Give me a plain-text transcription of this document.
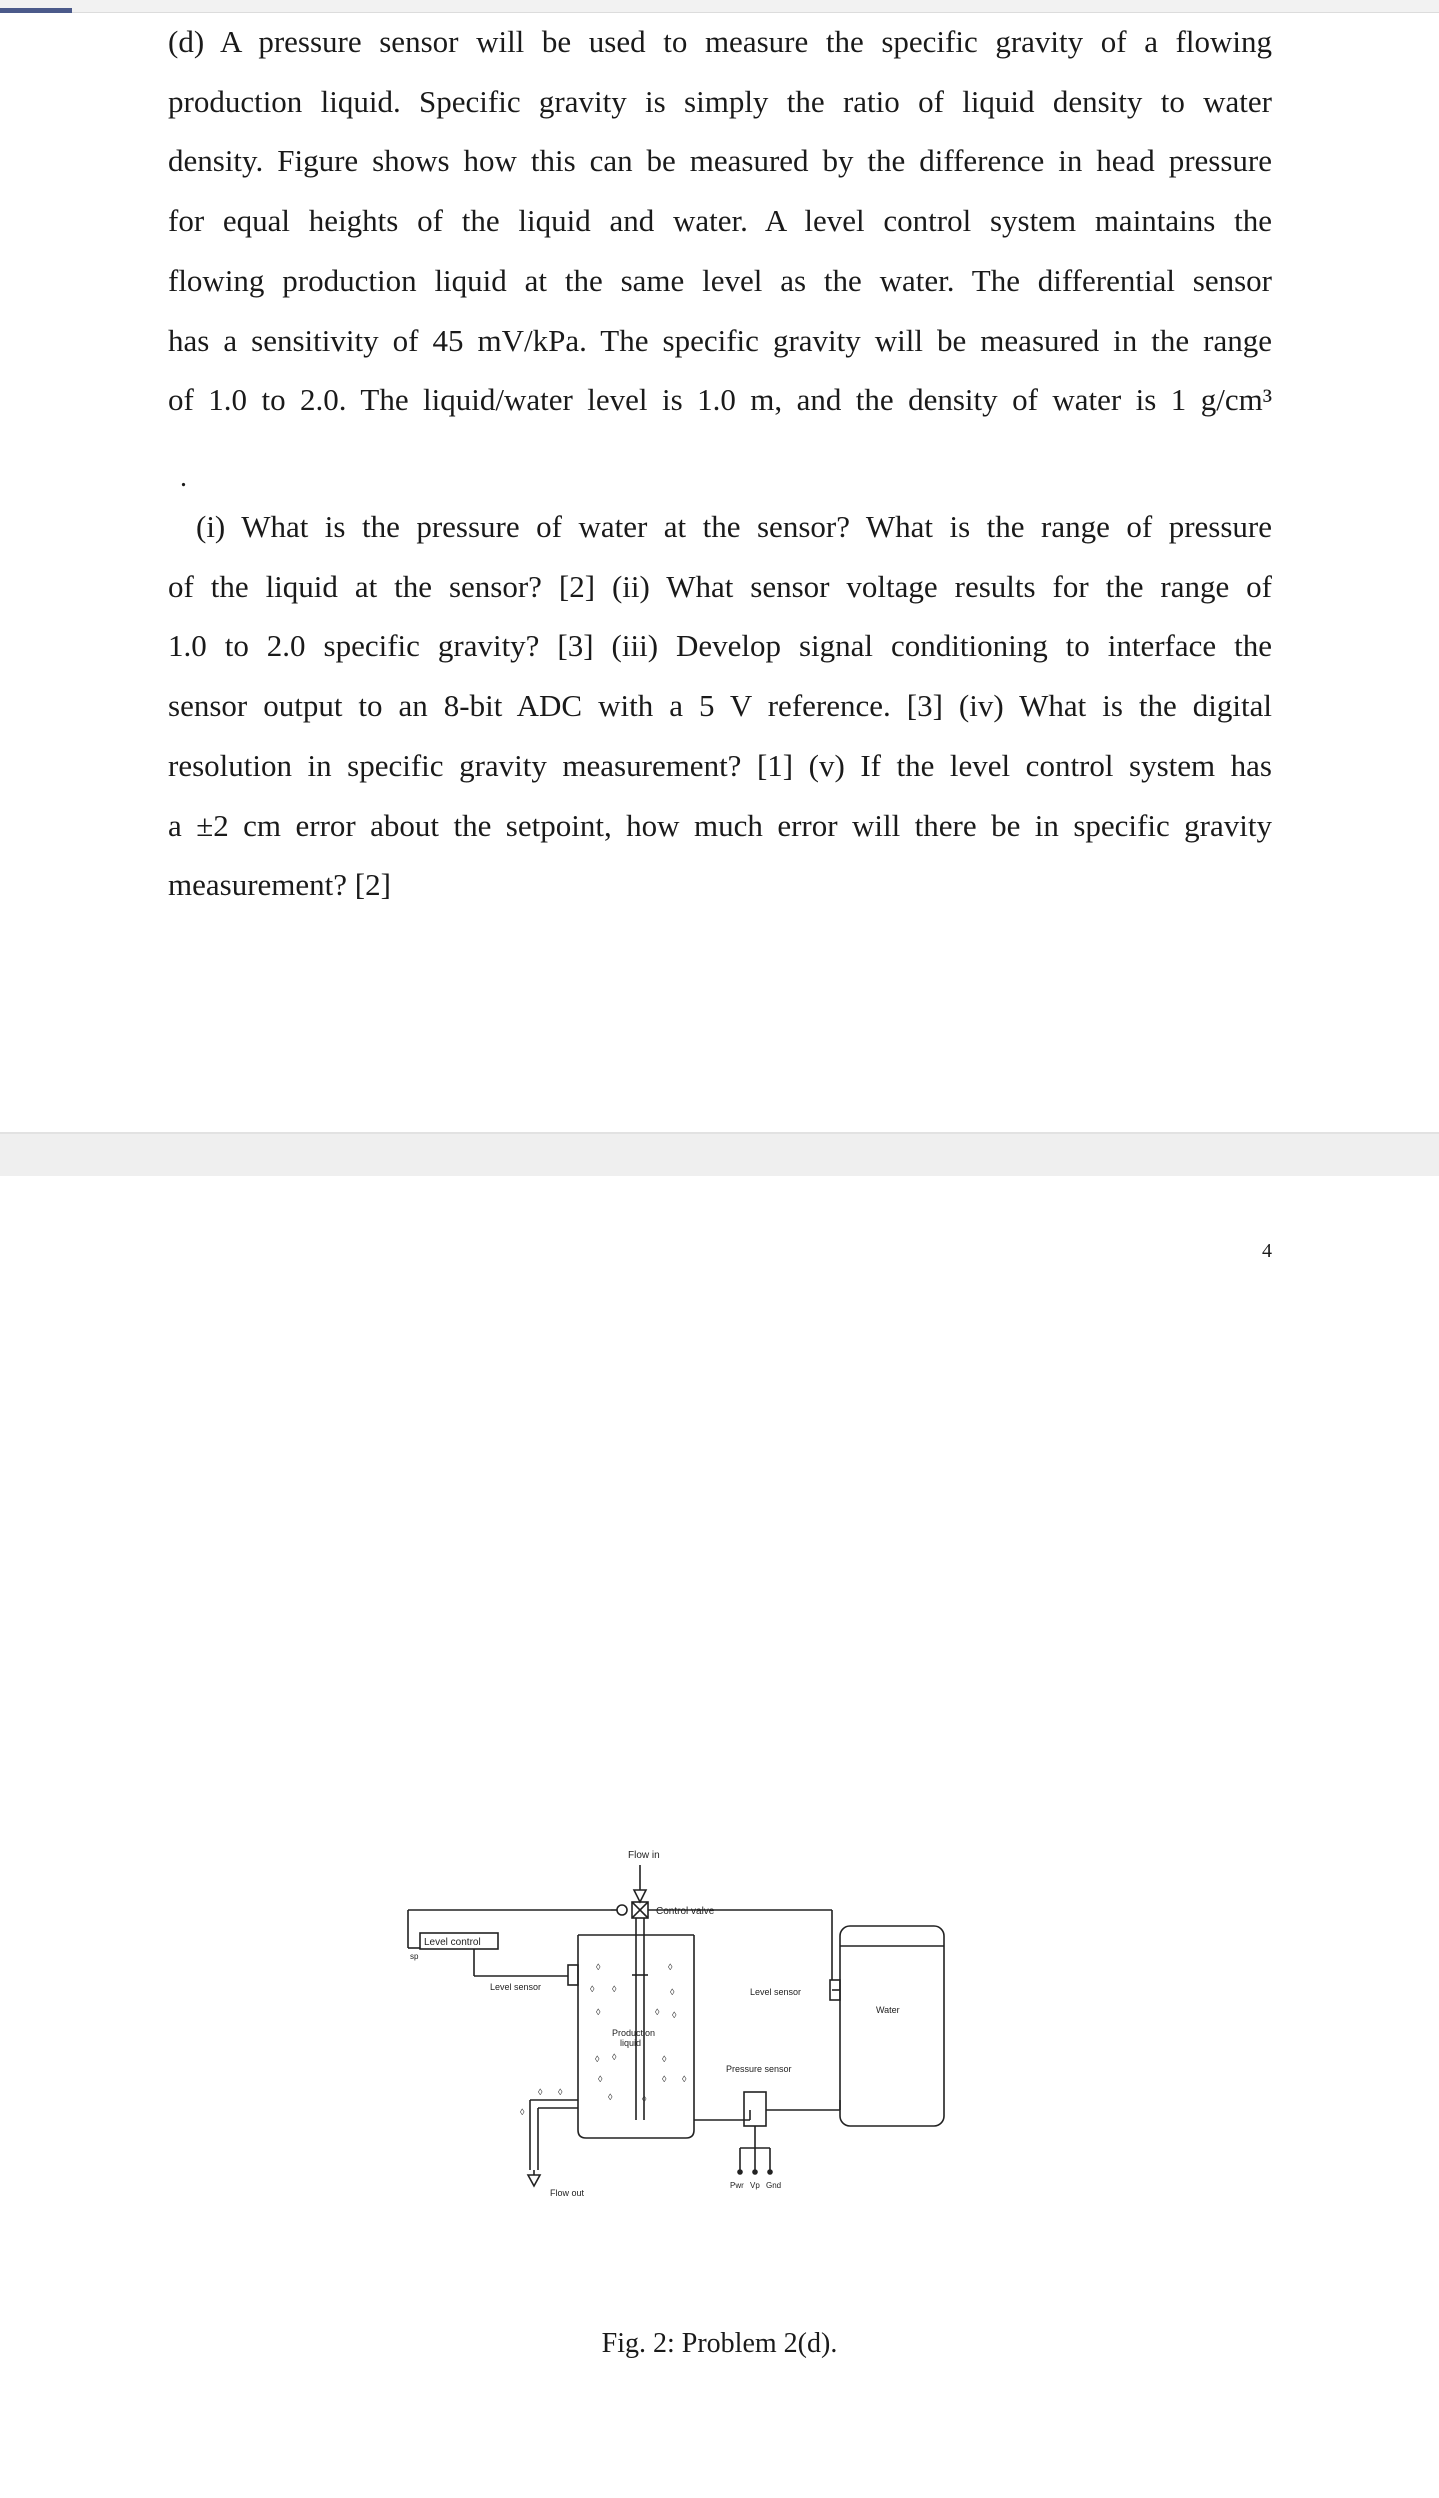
(d) A pressure sensor will be used to measure the specific gravity of a flowing
production liquid. Specific gravity is simply the ratio of liquid density to water
density. Figure shows how this can be measured by the difference in head pressure
for equal heights of the liquid and water. A level control system maintains the
flowing production liquid at the same level as the water. The differential sensor
has a sensitivity of 45 mV/kPa. The specific gravity will be measured in the range
of 1.0 to 2.0. The liquid/water level is 1.0 m, and the density of water is 1 g/cm³
.
(i) What is the pressure of water at the sensor? What is the range of pressure
of the liquid at the sensor? [2] (ii) What sensor voltage results for the range of
1.0 to 2.0 specific gravity? [3] (iii) Develop signal conditioning to interface the
sensor output to an 8-bit ADC with a 5 V reference. [3] (iv) What is the digital
resolution in specific gravity measurement? [1] (v) If the level control system has
a ±2 cm error about the setpoint, how much error will there be in specific gravity
measurement? [2]
4
◊	◊
◊ ◊	◊
◊	◊ ◊
◊ ◊	◊
◊	◊ ◊
◊	◊
◊
◊
◊
Flow in
Control valve
Level control
sp
Level sensor	Level sensor
Water
Production
liquid
Pressure sensor
Pwr Vp Gnd
Flow out
Fig. 2: Problem 2(d).
